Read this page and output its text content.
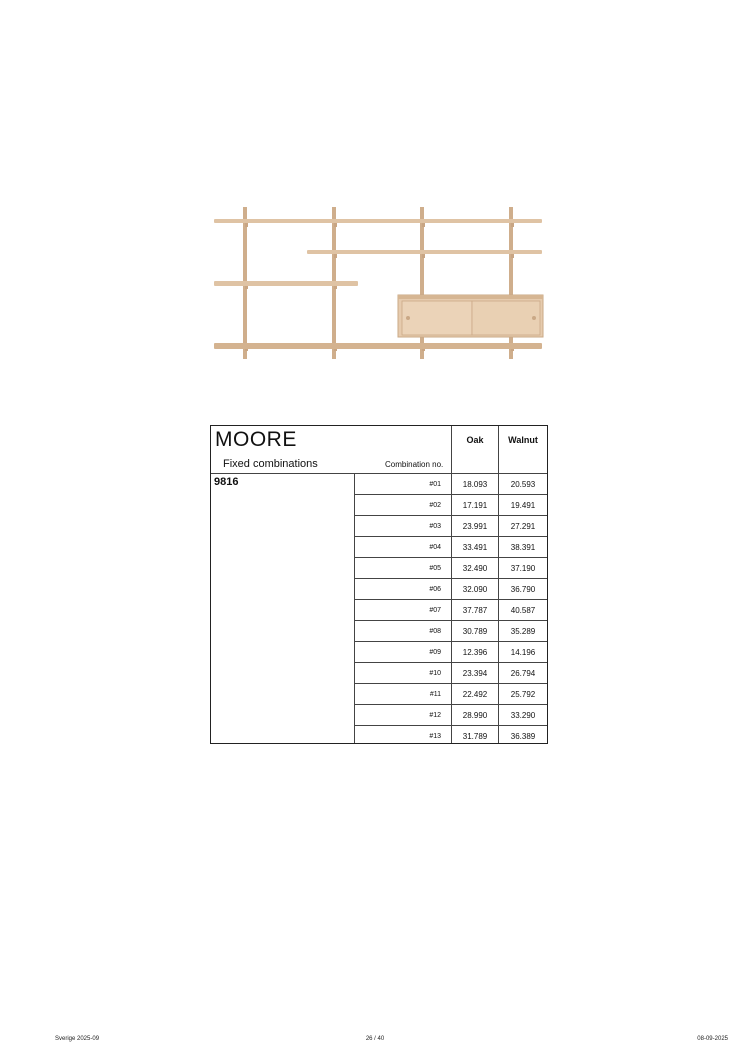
MOORE
Fixed combinations	Combination no.
Oak	Walnut
9816	#01	18.093	20.593
#02	17.191	19.491
#03	23.991	27.291
#04	33.491	38.391
#05	32.490	37.190
#06	32.090	36.790
#07	37.787	40.587
#08	30.789	35.289
#09	12.396	14.196
#10	23.394	26.794
#11	22.492	25.792
#12	28.990	33.290
#13	31.789	36.389
Sverige 2025-09	26 / 40	08-09-2025
